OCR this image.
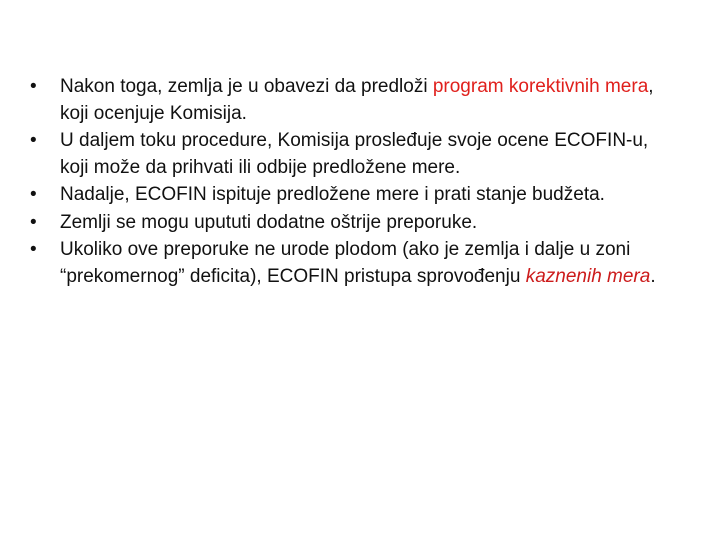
• Nakon toga, zemlja je u obavezi da predloži program korektivnih mera, koji ocenjuje Komisija.
• U daljem toku procedure, Komisija prosleđuje svoje ocene ECOFIN-u, koji može da prihvati ili odbije predložene mere.
• Nadalje, ECOFIN ispituje predložene mere i prati stanje budžeta.
• Zemlji se mogu upututi dodatne oštrije preporuke.
• Ukoliko ove preporuke ne urode plodom (ako je zemlja i dalje u zoni “prekomernog” deficita), ECOFIN pristupa sprovođenju kaznenih mera.
